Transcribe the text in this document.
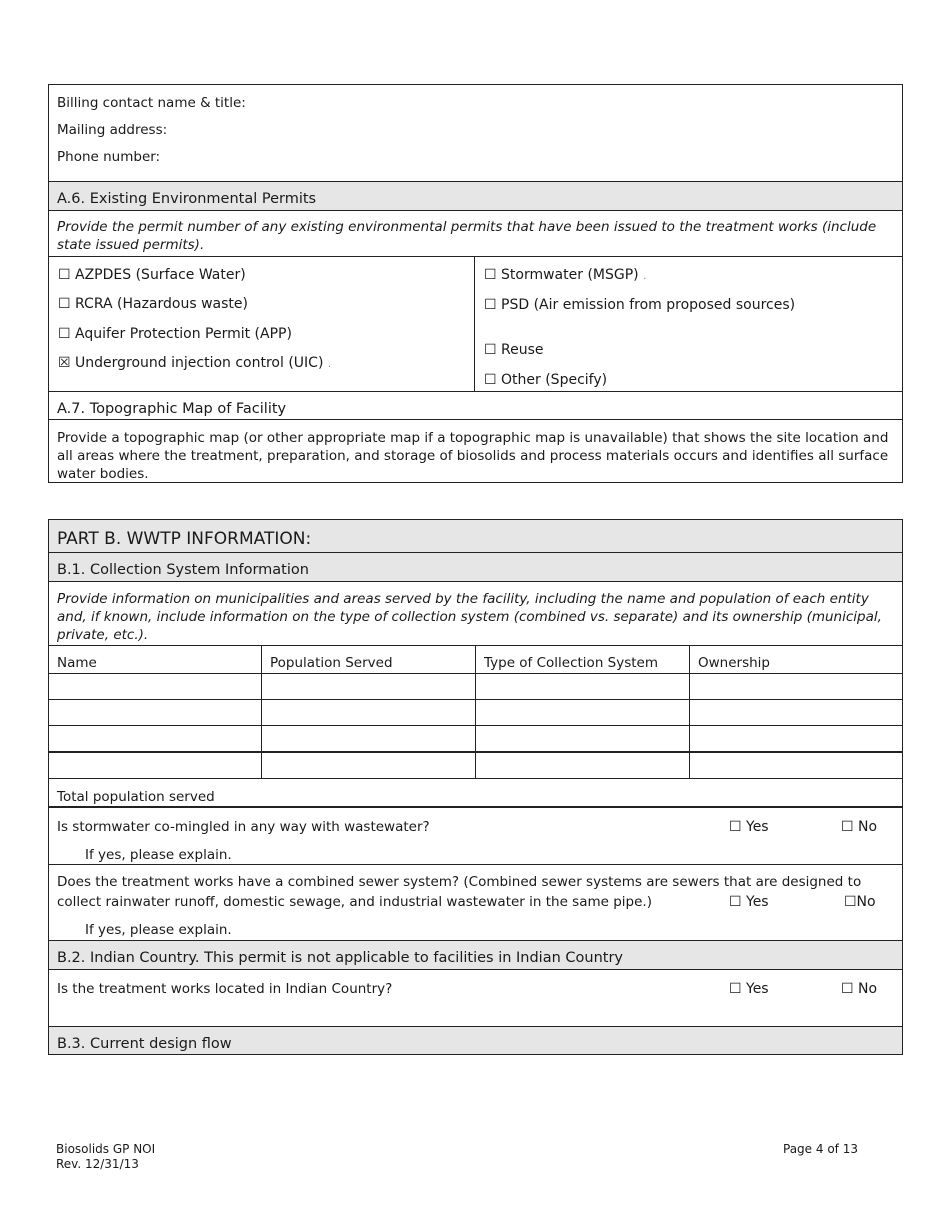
Billing contact name & title:
Mailing address:
Phone number:
A.6. Existing Environmental Permits
Provide the permit number of any existing environmental permits that have been issued to the treatment works (include state issued permits).
☐ AZPDES (Surface Water)
☐ RCRA (Hazardous waste)
☐ Aquifer Protection Permit (APP)
☒ Underground injection control (UIC) .
☐ Stormwater (MSGP) .
☐ PSD (Air emission from proposed sources)
☐ Reuse
☐ Other (Specify)
A.7. Topographic Map of Facility
Provide a topographic map (or other appropriate map if a topographic map is unavailable) that shows the site location and all areas where the treatment, preparation, and storage of biosolids and process materials occurs and identifies all surface water bodies.
PART B. WWTP INFORMATION:
B.1. Collection System Information
Provide information on municipalities and areas served by the facility, including the name and population of each entity and, if known, include information on the type of collection system (combined vs. separate) and its ownership (municipal, private, etc.).
Name	Population Served	Type of Collection System	Ownership
Total population served
Is stormwater co-mingled in any way with wastewater?	☐ Yes	☐ No
If yes, please explain.
Does the treatment works have a combined sewer system? (Combined sewer systems are sewers that are designed to
collect rainwater runoff, domestic sewage, and industrial wastewater in the same pipe.)	☐ Yes	☐No
If yes, please explain.
B.2. Indian Country. This permit is not applicable to facilities in Indian Country
Is the treatment works located in Indian Country?	☐ Yes	☐ No
B.3. Current design flow
Biosolids GP NOI
Rev. 12/31/13
Page 4 of 13
